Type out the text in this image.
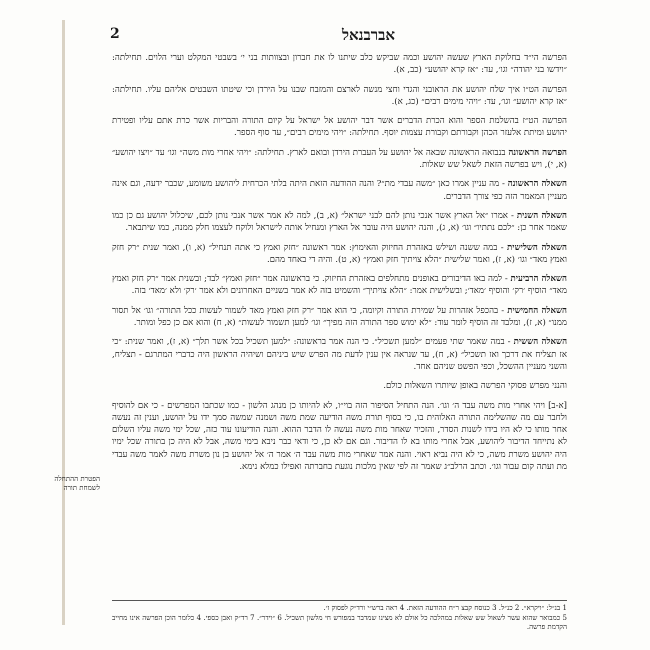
אברבנאל
2

הפרשה הי״ד בחלוקת הארץ שעשה יהושע וכמה שביקש כלב שיתנו לו את חברון ובצוותות בני י׳ בשבטי המקלט וערי הלוים. תחילתה: ״וידשו בני יהודה״ וגו׳, עד: ״אז קרא יהושע״ (כב, א).

הפרשה הט״ו איך שלח יהושע את הראובני והגדי וחצי מנשה לארצם והמזבח שבנו על הירדן וכי שיטתו השבטים אליהם עליו. תחילתה: ״אז קרא יהושע״ וגו׳, עד: ״ויהי מימים רבים״ (כג, א).

הפרשה הט״ז בהשלמת הספר והוא הכרת הדברים אשר דבר יהושע אל ישראל על קיום התורה והבריות אשר כרת אתם עליו ופטירת יהושע ומיתת אלעזר הכהן וקבורתם וקבורת עצמות יוסף. תחילתה: ״ויהי מימים רבים״, עד סוף הספר.

הפרשה הראשונה בנבואה הראשונה שבאה אל יהושע על העברת הירדן ובואם לארץ. תחילתה: ״ויהי אחרי מות משה״ וגו׳ עד ״ויצו יהושע״ (א, י), ויש בפרשה הזאת לשאל שש שאלות.

השאלה הראשונה - מה עניין אמרו כאן ״משה עבדי מת״? והנה ההודעה הזאת היתה בלתי הכרחית ליהושע משומע, שכבר ידעה, וגם אינה מעניין המאמר הזה כפי צורך הדברים.

השאלה השנית - אמרו ״אל הארץ אשר אנכי נותן להם לבני ישראל״ (א, ב), למה לא אמר אשר אנכי נותן לכם, שיכלול יהושע גם כן כמו שאמר אחר כן: ״לכם נתתיו״ וגו׳ (א, ג), והנה יהושע היה עובר אל הארץ ומנחיל אותה לישראל ולוקח לעצמו חלק ממנה, כמו שיתבאר.

השאלה השלישית - במה ששנה ושילש באזהרת החיזוק והאימוץ: אמר ראשונה ״חזק ואמץ כי אתה תנחיל״ (א, ו), ואמר שנית ״רק חזק ואמץ מאד״ וגו׳ (א, ז), ואמר שלישית ״הלא צויתיך חזק ואמץ״ (א, ט). והיה די באחד מהם.

השאלה הרביעית - למה באו הדיבורים באופנים מתחלפים באזהרת החיזוק. כי בראשונה אמר ״חזק ואמץ״ לבד; ובשנית אמר ״רק חזק ואמץ מאד״ הוסיף ׳רק׳ והוסיף ׳מאד׳; ובשלישית אמר: ״הלא צויתיך״ והשמיט בזה לא אמר בשניים האחרונים ולא אמר ׳רק׳ ולא ׳מאד׳ בזה.

השאלה החמישית - בהכפל אזהרות על שמירת התורה וקיומה, כי הוא אמר ״רק חזק ואמץ מאד לשמור לעשות ככל התורה״ וגו׳ אל תסור ממנו״ (א, ז), ומלבד זה הוסיף לומר עוד: ״לא ימוש ספר התורה הזה מפיך״ וגו׳ למען תשמור לעשות״ (א, ח) והוא אם כן כפל ומותר.

השאלה הששית - במה שאמר שתי פעמים ״למען תשכיל״. כי הנה אמר בראשונה: ״למען תשכיל בכל אשר תלך״ (א, ז), ואמר שנית: ״כי אז תצליח את דרכך ואז תשכיל״ (א, ח), עד שנראה אין ענין לדעת מה הפרש שיש ביניהם ושיהיה הראשון היה כדברי המתרגם - תצליח, והשני מעניין ההשכל, וכפי הפשט שניהם אחד.

והנני מפרש פסוקי הפרשה באופן שיותרו השאלות כולם.

[א-ב] ויהי אחרי מות משה עבד ה׳ וגו׳. הנה התחיל הסיפור הזה בוי״ו, לא להיותו כן מנהג הלשון - כמו שכתבו המפרשים - כי אם להוסיף ולחבר עם מה שהשלימה התורה האלוהית בו, כי בסוף תורת משה הודיעה שמת משה ושמנה שמשה סמך ידו על יהושע, וענין זה נעשה אחר מותו כי לא היו בידו לשנות הסדר, והזכיר שאחר מות משה נעשה לו הדבר ההוא. והנה הודיעונו עוד כזה, שכל ימי משה עליו השלום לא נתייחד הדיבור ליהושע, אבל אחרי מותו בא לו הדיבור. וגם אם לא כן, כי ודאי כבר ניבא בימי משה, אבל לא היה כן בתורה שכל ימיו היה יהושע משרת משה, כי לא היה נביא ראוי. והנה אמר שאחרי מות משה עבד ה׳ אמר ה׳ אל יהושע בן נון משרת משה לאמר משה עבדי מת ועתה קום עבור וגו׳. וכתב הרלב״ג שאמר זה לפי שאין מלכות נוגעת בחברתה ואפילו כמלא נימא.

הפטרת ההתחלה לשמחת תורה

1 בנ״ל: ״ויקרא״. 2 כנ״ל. 3 כנוסח קבצ ר״ח ההודעה הזאת. 4 ראה ברש״י ורד״ק לפסוק ז׳.

5 כמבואר שהוא עשר לשאול שש שאלות במהלכה כל אולם לא מצינו שמדבר במפורש חי מלשון תשכיל. 6 ״וידר״. 7 רד״ק ואבן כספי. 4 כלומר הוכן הפרשה אינו מחייב הקדמת פרשה.
